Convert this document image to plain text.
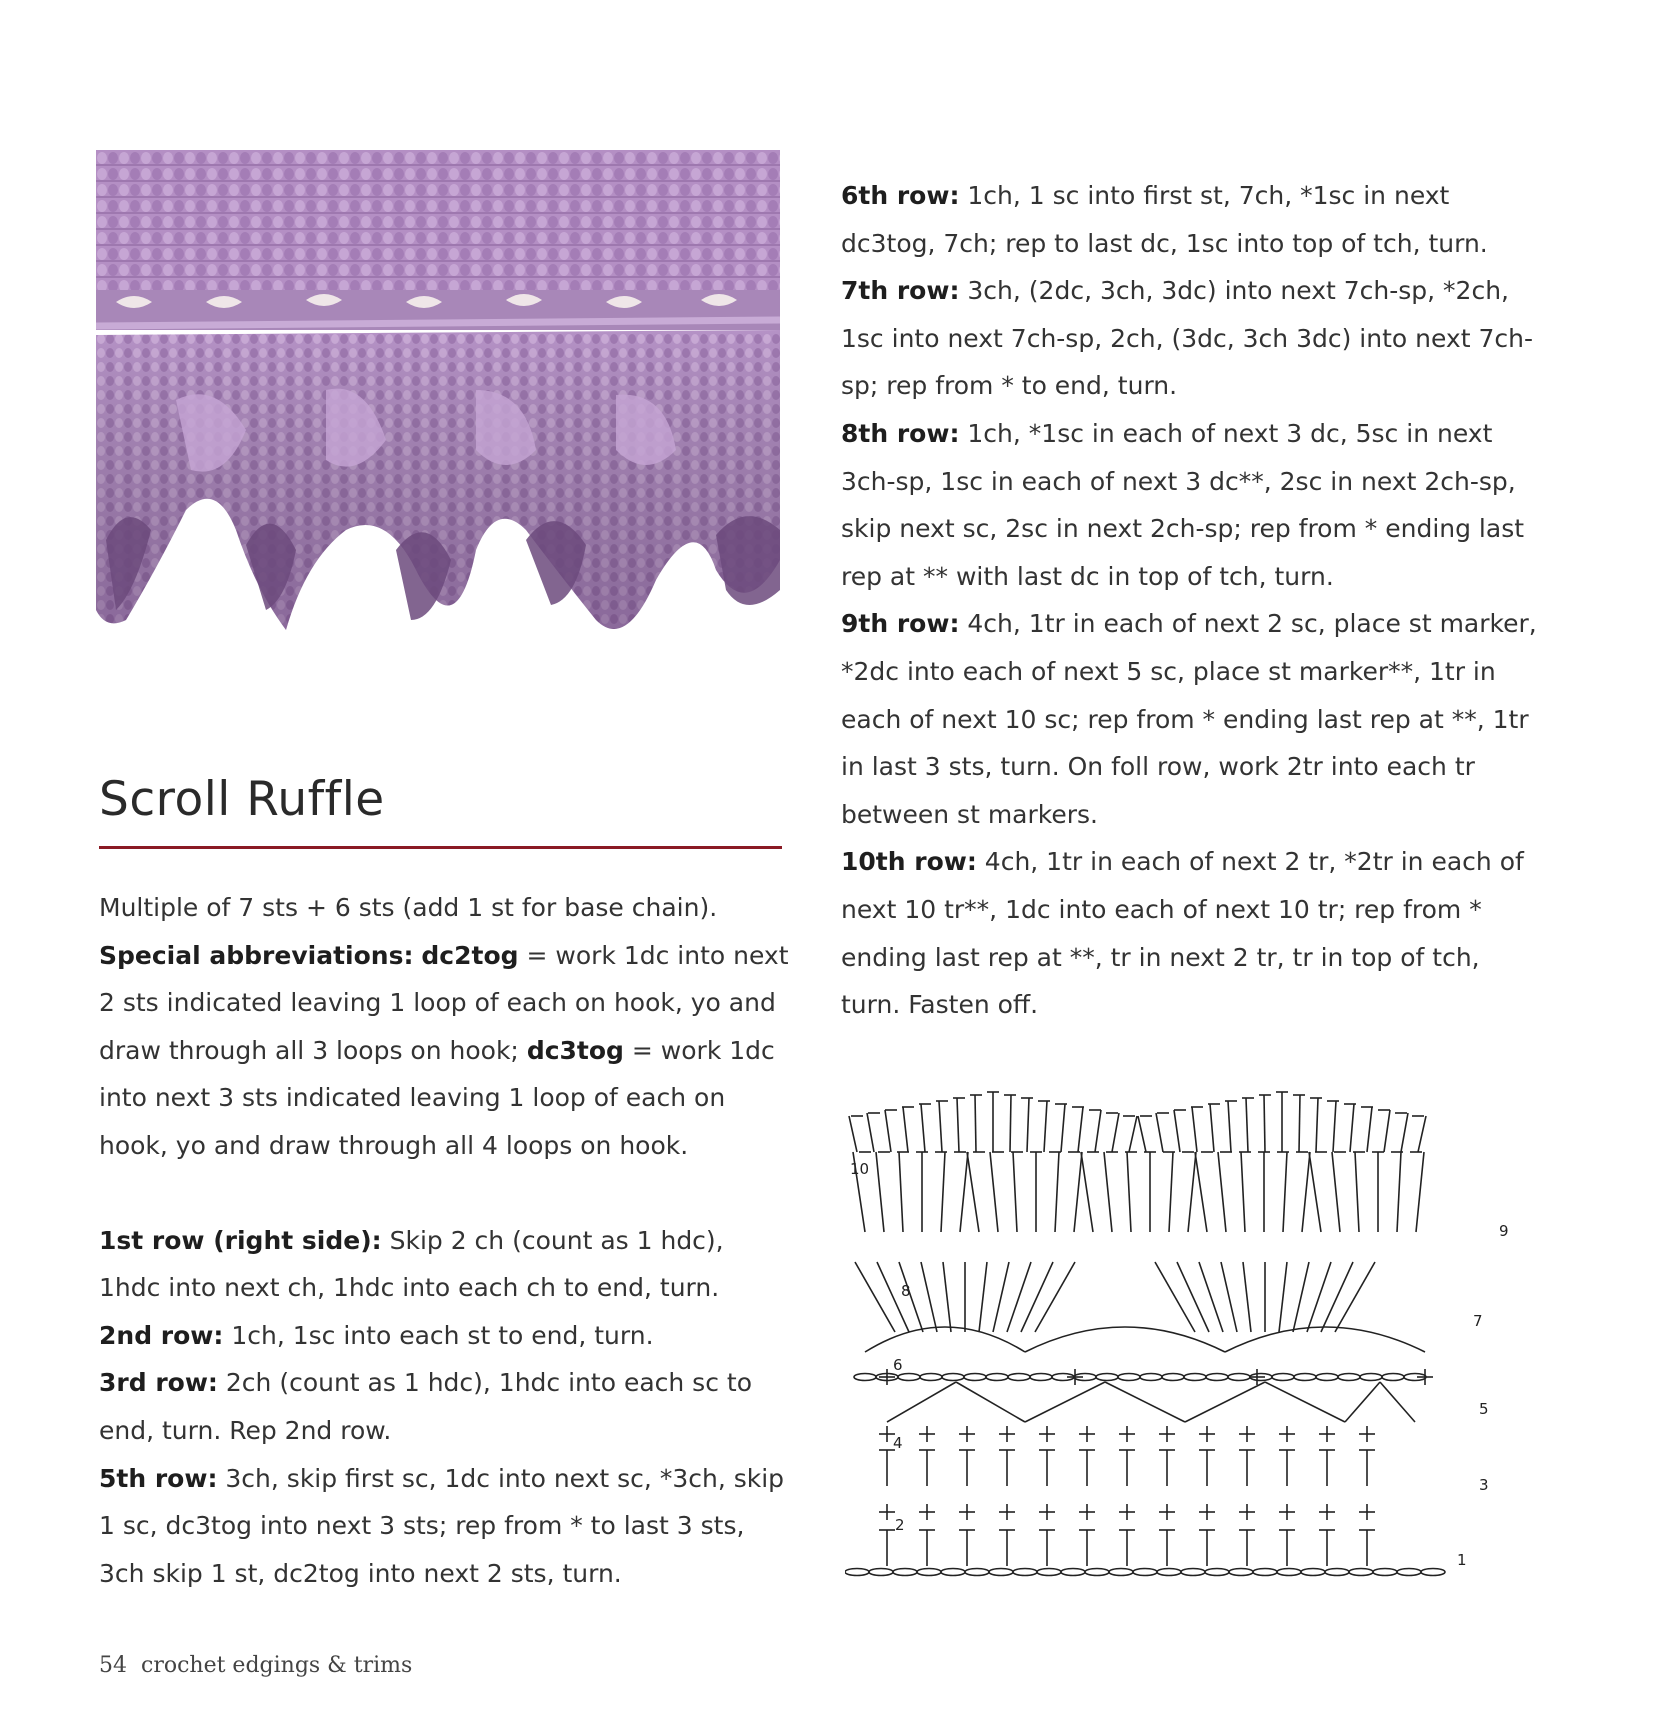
Scroll Ruffle

Multiple of 7 sts + 6 sts (add 1 st for base chain).

Special abbreviations: dc2tog = work 1dc into next 2 sts indicated leaving 1 loop of each on hook, yo and draw through all 3 loops on hook; dc3tog = work 1dc into next 3 sts indicated leaving 1 loop of each on hook, yo and draw through all 4 loops on hook.

1st row (right side): Skip 2 ch (count as 1 hdc), 1hdc into next ch, 1hdc into each ch to end, turn.

2nd row: 1ch, 1sc into each st to end, turn.

3rd row: 2ch (count as 1 hdc), 1hdc into each sc to end, turn. Rep 2nd row.

5th row: 3ch, skip first sc, 1dc into next sc, *3ch, skip 1 sc, dc3tog into next 3 sts; rep from * to last 3 sts, 3ch skip 1 st, dc2tog into next 2 sts, turn.

6th row: 1ch, 1 sc into first st, 7ch, *1sc in next dc3tog, 7ch; rep to last dc, 1sc into top of tch, turn.

7th row: 3ch, (2dc, 3ch, 3dc) into next 7ch-sp, *2ch, 1sc into next 7ch-sp, 2ch, (3dc, 3ch 3dc) into next 7ch-sp; rep from * to end, turn.

8th row: 1ch, *1sc in each of next 3 dc, 5sc in next 3ch-sp, 1sc in each of next 3 dc**, 2sc in next 2ch-sp, skip next sc, 2sc in next 2ch-sp; rep from * ending last rep at ** with last dc in top of tch, turn.

9th row: 4ch, 1tr in each of next 2 sc, place st marker, *2dc into each of next 5 sc, place st marker**, 1tr in each of next 10 sc; rep from * ending last rep at **, 1tr in last 3 sts, turn. On foll row, work 2tr into each tr between st markers.

10th row: 4ch, 1tr in each of next 2 tr, *2tr in each of next 10 tr**, 1dc into each of next 10 tr; rep from * ending last rep at **, tr in next 2 tr, tr in top of tch, turn. Fasten off.

1
2
3
4
5
6
7
8
9
10
54 crochet edgings & trims
